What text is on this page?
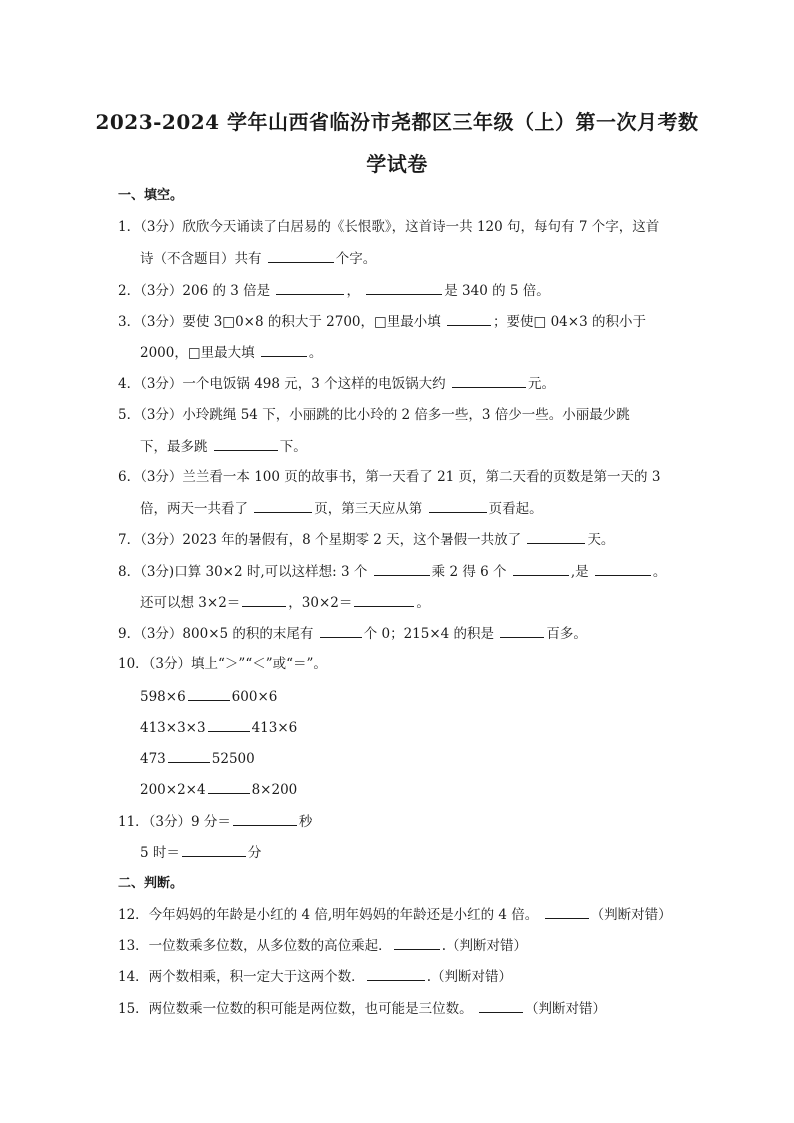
2023-2024 学年山西省临汾市尧都区三年级（上）第一次月考数
学试卷
一、填空。
1．（3分）欣欣今天诵读了白居易的《长恨歌》，这首诗一共 120 句，每句有 7 个字，这首
诗（不含题目）共有	个字。
2．（3分）206 的 3 倍是	，	是 340 的 5 倍。
3．（3分）要使 3□0×8 的积大于 2700，□里最小填	；要使□ 04×3 的积小于
2000，□里最大填	。
4．（3分）一个电饭锅 498 元，3 个这样的电饭锅大约	元。
5．（3分）小玲跳绳 54 下，小丽跳的比小玲的 2 倍多一些，3 倍少一些。小丽最少跳
下，最多跳	下。
6．（3分）兰兰看一本 100 页的故事书，第一天看了 21 页，第二天看的页数是第一天的 3
倍，两天一共看了	页，第三天应从第	页看起。
7．（3分）2023 年的暑假有，8 个星期零 2 天，这个暑假一共放了	天。
8．（3分)口算 30×2 时,可以这样想: 3 个	乘 2 得 6 个	,是	。
还可以想 3×2＝	，30×2＝	。
9．（3分）800×5 的积的末尾有	个 0；215×4 的积是	百多。
10．（3分）填上“＞”“＜”或“＝”。
598×6	600×6
413×3×3	413×6
473	52500
200×2×4	8×200
11．（3分）9 分＝	秒
5 时＝	分
二、判断。
12．今年妈妈的年龄是小红的 4 倍,明年妈妈的年龄还是小红的 4 倍。	（判断对错）
13．一位数乘多位数，从多位数的高位乘起．	.（判断对错）
14．两个数相乘，积一定大于这两个数．	.（判断对错）
15．两位数乘一位数的积可能是两位数，也可能是三位数。	（判断对错）
